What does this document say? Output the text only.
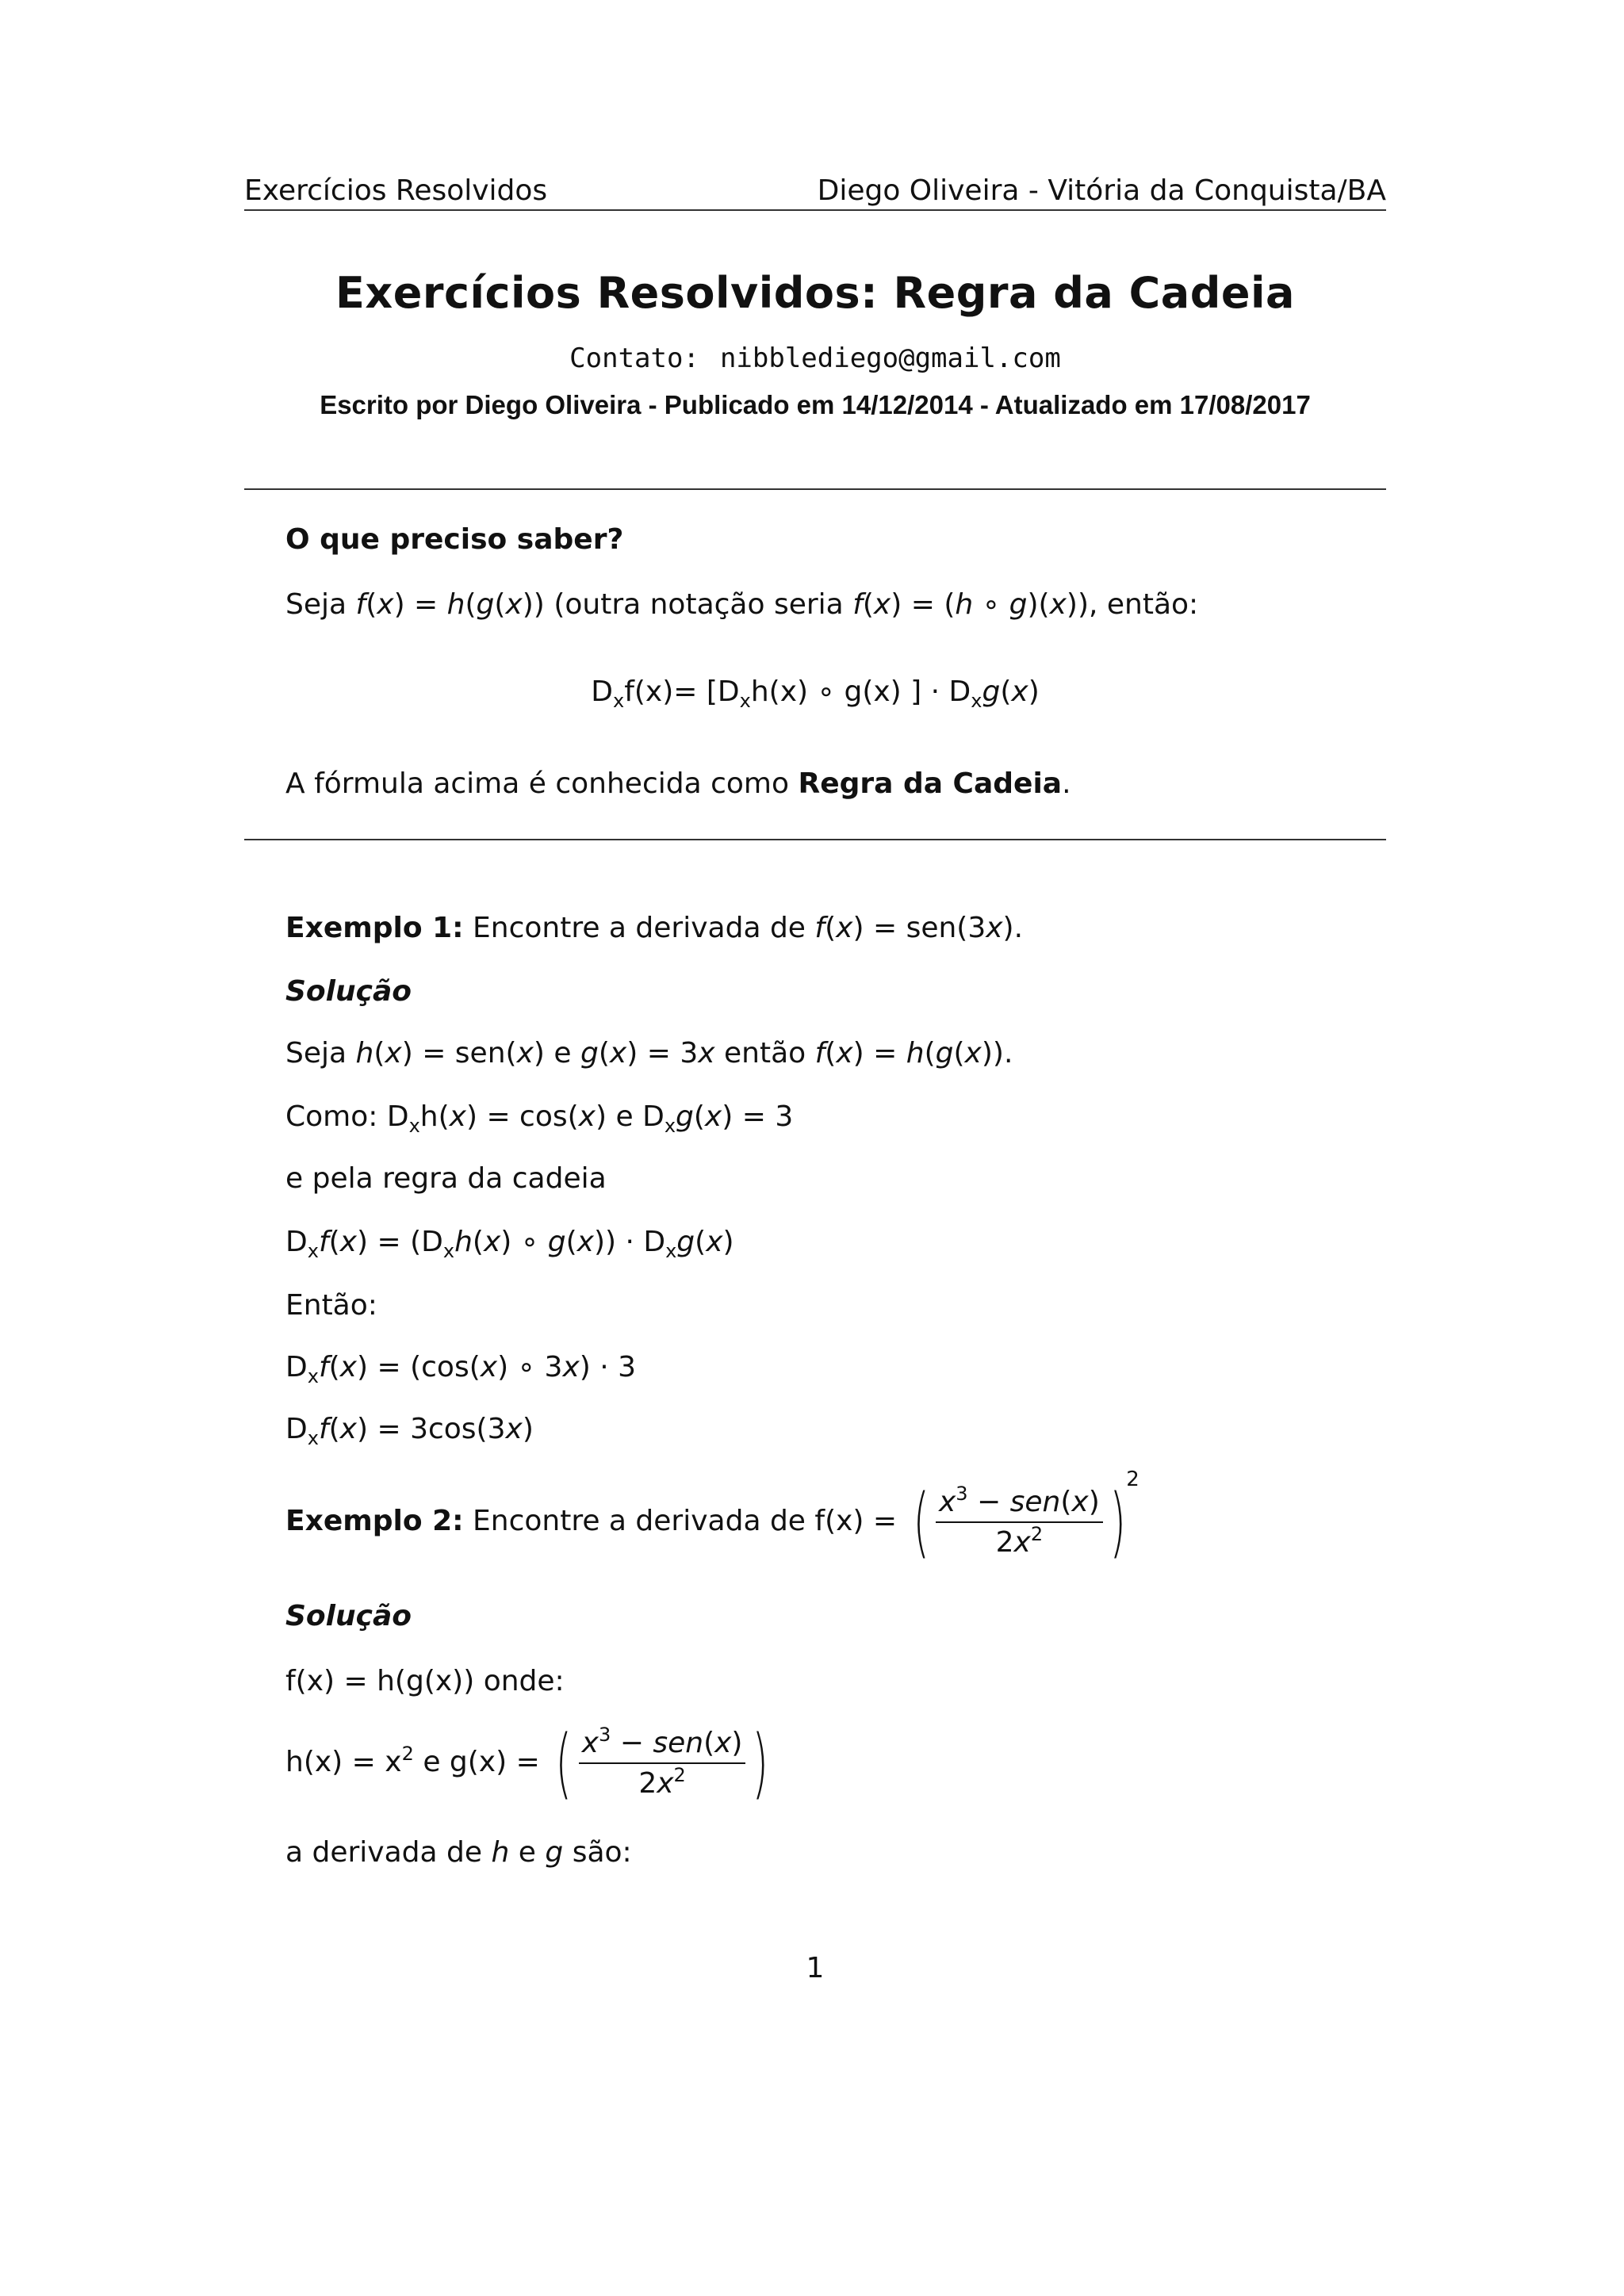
Exercícios Resolvidos	Diego Oliveira - Vitória da Conquista/BA
Exercícios Resolvidos: Regra da Cadeia
Contato: nibblediego@gmail.com
Escrito por Diego Oliveira - Publicado em 14/12/2014 - Atualizado em 17/08/2017
O que preciso saber?
Seja f(x) = h(g(x)) (outra notação seria f(x) = (h ∘ g)(x)), então:
$D_xf(x)= [D_xh(x)$ ∘ g(x) ] · $D_xg(x)$
A fórmula acima é conhecida como Regra da Cadeia.
Exemplo 1: Encontre a derivada de f(x) = sen(3x).
Solução
Seja h(x) = sen(x) e g(x) = 3x então f(x) = h(g(x)).
Como: $D_xh(x) = \cos(x)$ e $D_xg(x) = 3$
e pela regra da cadeia
$D_xf(x) = (D_xh(x)$ ∘ $g(x)) \cdot D_xg(x)$
Então:
$D_xf(x) = (\cos(x)$ ∘ 3x) · 3
$D_xf(x) = 3\cos(3x)$
Exemplo 2: Encontre a derivada de f(x) = ( $\frac{x^3 - sen(x)}{2x^2} )^2$
Solução
f(x) = h(g(x)) onde:
$h(x) = x^2$ e g(x) = ( $\frac{x^3 - sen(x)}{2x^2}$ )
a derivada de h e g são:
1
